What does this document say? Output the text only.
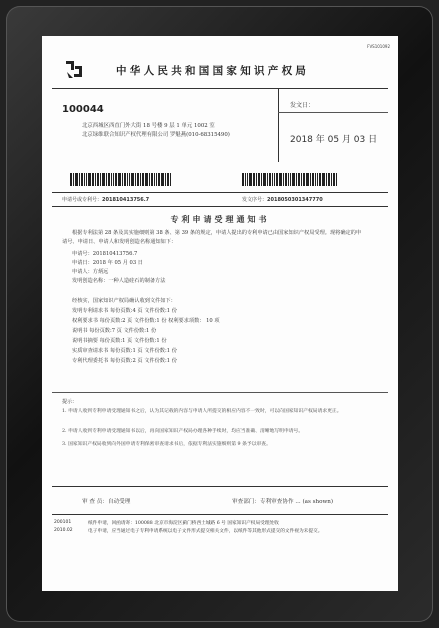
FVS101092
中华人民共和国国家知识产权局
100044
北京西城区西直门外大街 18 号楼 9 层 1 单元 1002 室
北京绿维联合知识产权代理有限公司 罗魁燕(010-68315490)
发文日：
2018 年 05 月 03 日
申请号或专利号：201810413756.7	发文序号：2018050301347770
专利申请受理通知书
根据专利法第 28 条及其实施细则第 38 条、第 39 条的规定，申请人提出的专利申请已由国家知识产权局受理。现将确定的申请号、申请日、申请人和发明创造名称通知如下：
申请号：201810413756.7
申请日：2018 年 05 月 03 日
申请人：方炳远
发明创造名称：一种人造硅石的制备方法
经核实，国家知识产权局确认收到文件如下：
发明专利请求书 每份页数:4 页 文件份数:1 份
权利要求书 每份页数:2 页 文件份数:1 份 权利要求项数： 10 项
说明书 每份页数:7 页 文件份数:1 份
说明书摘要 每份页数:1 页 文件份数:1 份
实质审查请求书 每份页数:1 页 文件份数:1 份
专利代理委托书 每份页数:2 页 文件份数:1 份
提示：
1. 申请人收到专利申请受理通知书之后，认为其记载的内容与申请人所提交的相应内容不一致时，可以向国家知识产权局请求更正。
2. 申请人收到专利申请受理通知书以后，再向国家知识产权局办理各种手续时，均应当准确、清晰地写明申请号。
3. 国家知识产权局收到向外国申请专利保密审查请求书后，依据专利法实施细则第 9 条予以审查。
审 查 员：自动受理	审查部门：专利审查协作 ... (as shown)
200101
2010.02
纸件申请，回函请寄：100088 北京市海淀区蓟门桥西土城路 6 号 国家知识产权局受理处收
电子申请，应当通过电子专利申请系统以电子文件形式提交相关文件，以纸件等其他形式提交的文件视为未提交。
